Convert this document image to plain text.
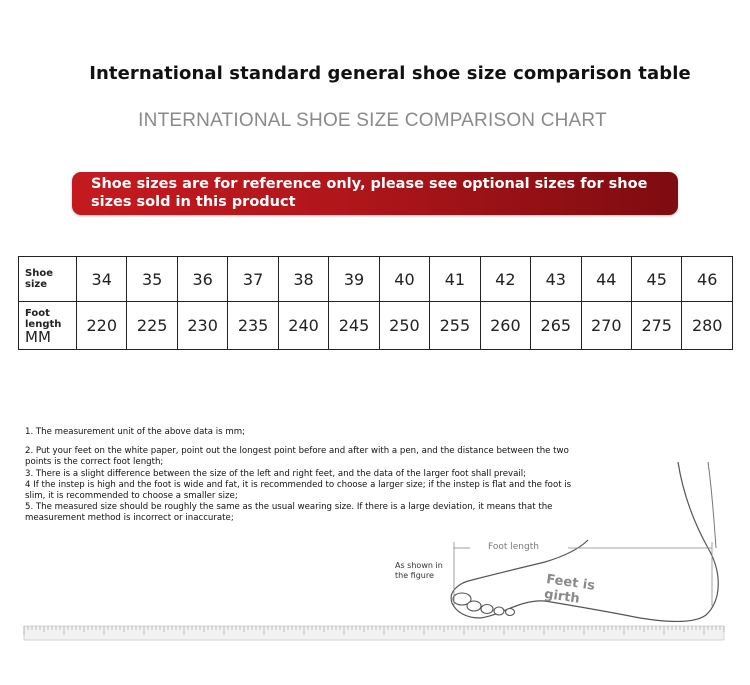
International standard general shoe size comparison table
INTERNATIONAL SHOE SIZE COMPARISON CHART
Shoe sizes are for reference only, please see optional sizes for shoe sizes sold in this product
Shoe size	34	35	36	37	38	39	40	41	42	43	44	45	46
Foot length
MM	220	225	230	235	240	245	250	255	260	265	270	275	280
Foot length
As shown in the figure	Feet is girth

1. The measurement unit of the above data is mm;

2. Put your feet on the white paper, point out the longest point before and after with a pen, and the distance between the two points is the correct foot length;

3. There is a slight difference between the size of the left and right feet, and the data of the larger foot shall prevail;

4 If the instep is high and the foot is wide and fat, it is recommended to choose a larger size; if the instep is flat and the foot is slim, it is recommended to choose a smaller size;

5. The measured size should be roughly the same as the usual wearing size. If there is a large deviation, it means that the measurement method is incorrect or inaccurate;
